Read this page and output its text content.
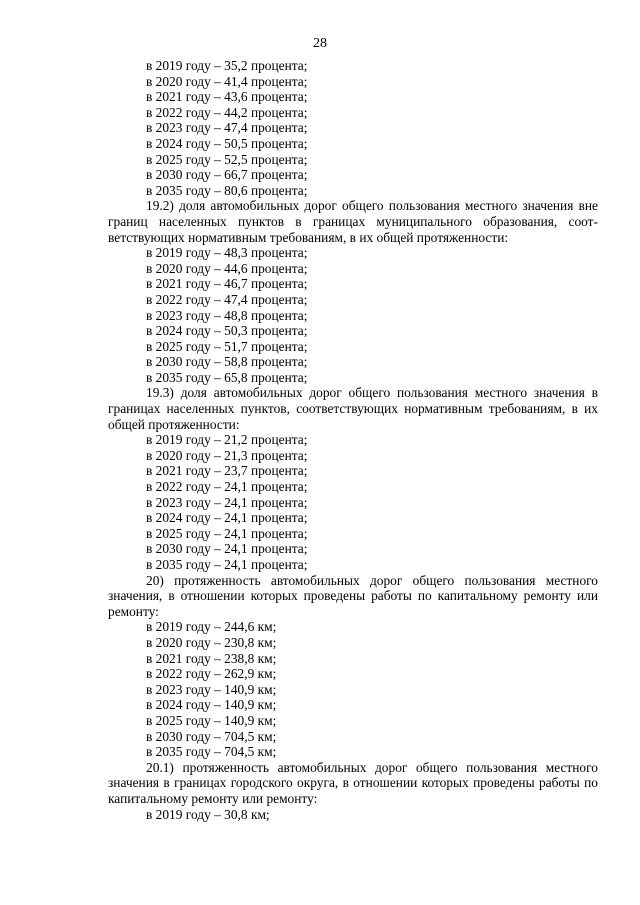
28
в 2019 году – 35,2 процента;
в 2020 году – 41,4 процента;
в 2021 году – 43,6 процента;
в 2022 году – 44,2 процента;
в 2023 году – 47,4 процента;
в 2024 году – 50,5 процента;
в 2025 году – 52,5 процента;
в 2030 году – 66,7 процента;
в 2035 году – 80,6 процента;
19.2) доля автомобильных дорог общего пользования местного значения вне границ населенных пунктов в границах муниципального образования, соответствующих нормативным требованиям, в их общей протяженности:
в 2019 году – 48,3 процента;
в 2020 году – 44,6 процента;
в 2021 году – 46,7 процента;
в 2022 году – 47,4 процента;
в 2023 году – 48,8 процента;
в 2024 году – 50,3 процента;
в 2025 году – 51,7 процента;
в 2030 году – 58,8 процента;
в 2035 году – 65,8 процента;
19.3) доля автомобильных дорог общего пользования местного значения в границах населенных пунктов, соответствующих нормативным требованиям, в их общей протяженности:
в 2019 году – 21,2 процента;
в 2020 году – 21,3 процента;
в 2021 году – 23,7 процента;
в 2022 году – 24,1 процента;
в 2023 году – 24,1 процента;
в 2024 году – 24,1 процента;
в 2025 году – 24,1 процента;
в 2030 году – 24,1 процента;
в 2035 году – 24,1 процента;
20) протяженность автомобильных дорог общего пользования местного значения, в отношении которых проведены работы по капитальному ремонту или ремонту:
в 2019 году – 244,6 км;
в 2020 году – 230,8 км;
в 2021 году – 238,8 км;
в 2022 году – 262,9 км;
в 2023 году – 140,9 км;
в 2024 году – 140,9 км;
в 2025 году – 140,9 км;
в 2030 году – 704,5 км;
в 2035 году – 704,5 км;
20.1) протяженность автомобильных дорог общего пользования местного значения в границах городского округа, в отношении которых проведены работы по капитальному ремонту или ремонту:
в 2019 году – 30,8 км;
